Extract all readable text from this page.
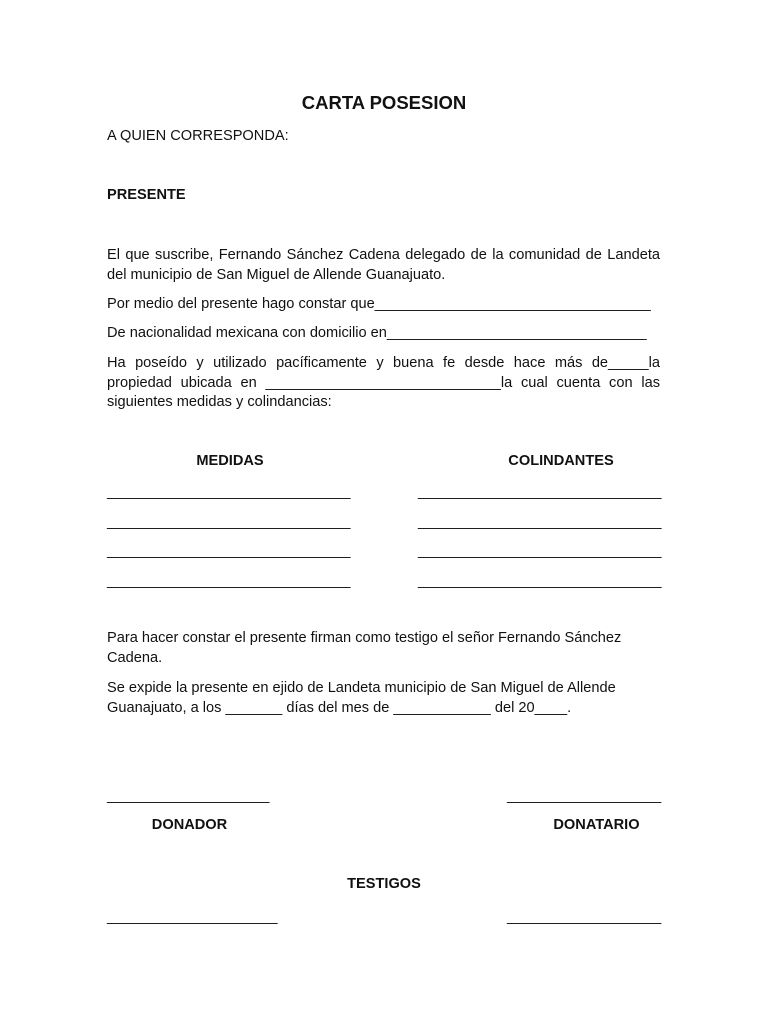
CARTA POSESION
A QUIEN CORRESPONDA:
PRESENTE
El que suscribe, Fernando Sánchez Cadena delegado de la comunidad de Landeta del municipio de San Miguel de Allende Guanajuato.
Por medio del presente hago constar que__________________________________
De nacionalidad mexicana con domicilio en________________________________
Ha poseído y utilizado pacíficamente y buena fe desde hace más de_____la propiedad ubicada en _____________________________la cual cuenta con las siguientes medidas y colindancias:
MEDIDAS	COLINDANTES
______________________________	______________________________
______________________________	______________________________
______________________________	______________________________
______________________________	______________________________
Para hacer constar el presente firman como testigo el señor Fernando Sánchez Cadena.
Se expide la presente en ejido de Landeta municipio de San Miguel de Allende Guanajuato, a los _______ días del mes de ____________ del 20____.
____________________	___________________
DONADOR	DONATARIO
TESTIGOS
_____________________	___________________
